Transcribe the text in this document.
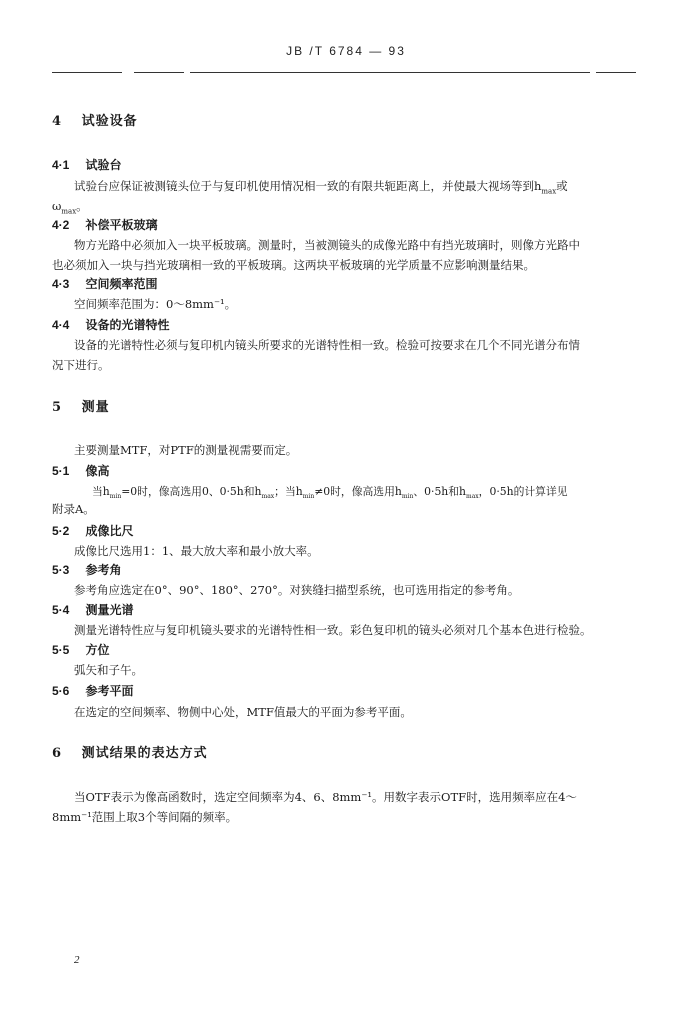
JB /T 6784 — 93
4 试验设备
4·1 试验台
试验台应保证被测镜头位于与复印机使用情况相一致的有限共轭距离上，并使最大视场等到$h_{max}$或
$\omega_{max}$。
4·2 补偿平板玻璃
物方光路中必须加入一块平板玻璃。测量时，当被测镜头的成像光路中有挡光玻璃时，则像方光路中
也必须加入一块与挡光玻璃相一致的平板玻璃。这两块平板玻璃的光学质量不应影响测量结果。
4·3 空间频率范围
空间频率范围为：0～8mm⁻¹。
4·4 设备的光谱特性
设备的光谱特性必须与复印机内镜头所要求的光谱特性相一致。检验可按要求在几个不同光谱分布情
况下进行。
5 测量
主要测量MTF，对PTF的测量视需要而定。
5·1 像高
当$h_{min}=0$时，像高选用0、0·5h和$h_{max}$；当$h_{min}\ne 0$时，像高选用$h_{min}$、0·5h和$h_{max}$，0·5h的计算详见
附录A。
5·2 成像比尺
成像比尺选用1：1、最大放大率和最小放大率。
5·3 参考角
参考角应选定在0°、90°、180°、270°。对狭缝扫描型系统，也可选用指定的参考角。
5·4 测量光谱
测量光谱特性应与复印机镜头要求的光谱特性相一致。彩色复印机的镜头必须对几个基本色进行检验。
5·5 方位
弧矢和子午。
5·6 参考平面
在选定的空间频率、物侧中心处，MTF值最大的平面为参考平面。
6 测试结果的表达方式
当OTF表示为像高函数时，选定空间频率为4、6、8mm⁻¹。用数字表示OTF时，选用频率应在4～
8mm⁻¹范围上取3个等间隔的频率。
2
